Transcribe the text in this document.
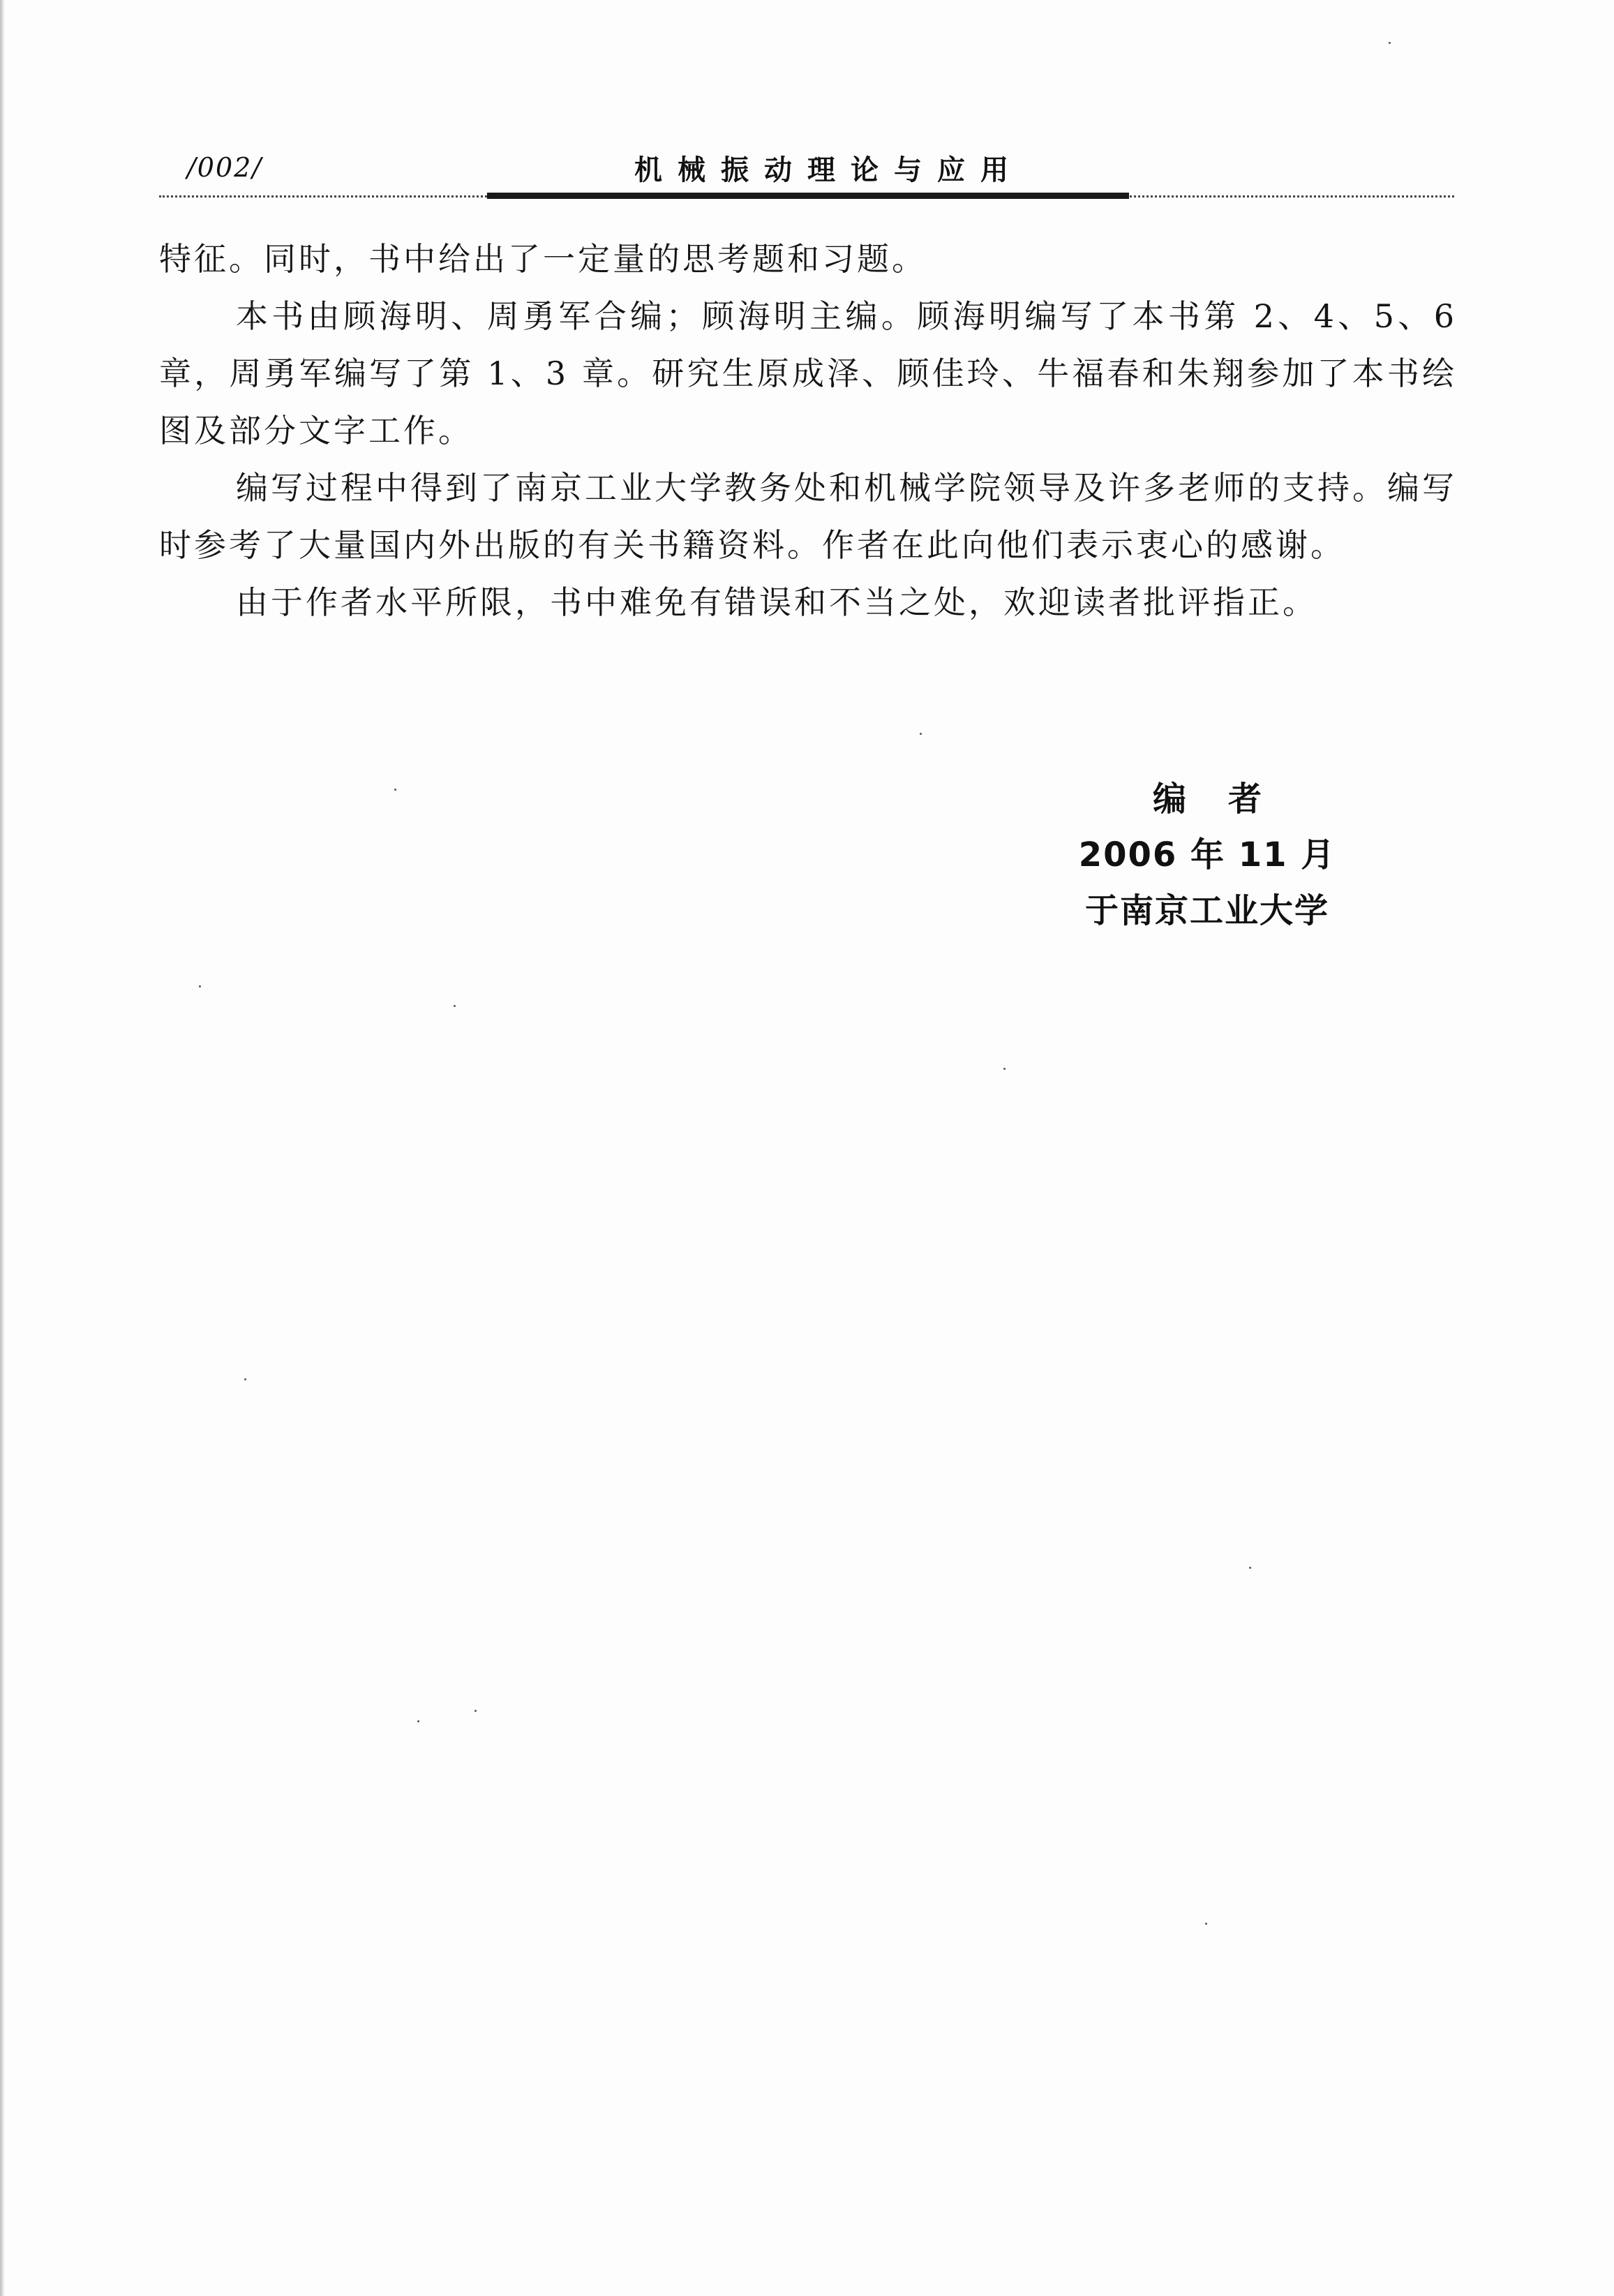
/002/	机械振动理论与应用

特征。同时，书中给出了一定量的思考题和习题。

本书由顾海明、周勇军合编；顾海明主编。顾海明编写了本书第 2、4、5、6 章，周勇军编写了第 1、3 章。研究生原成泽、顾佳玲、牛福春和朱翔参加了本书绘图及部分文字工作。

编写过程中得到了南京工业大学教务处和机械学院领导及许多老师的支持。编写时参考了大量国内外出版的有关书籍资料。作者在此向他们表示衷心的感谢。

由于作者水平所限，书中难免有错误和不当之处，欢迎读者批评指正。

编者
2006 年 11 月
于南京工业大学
